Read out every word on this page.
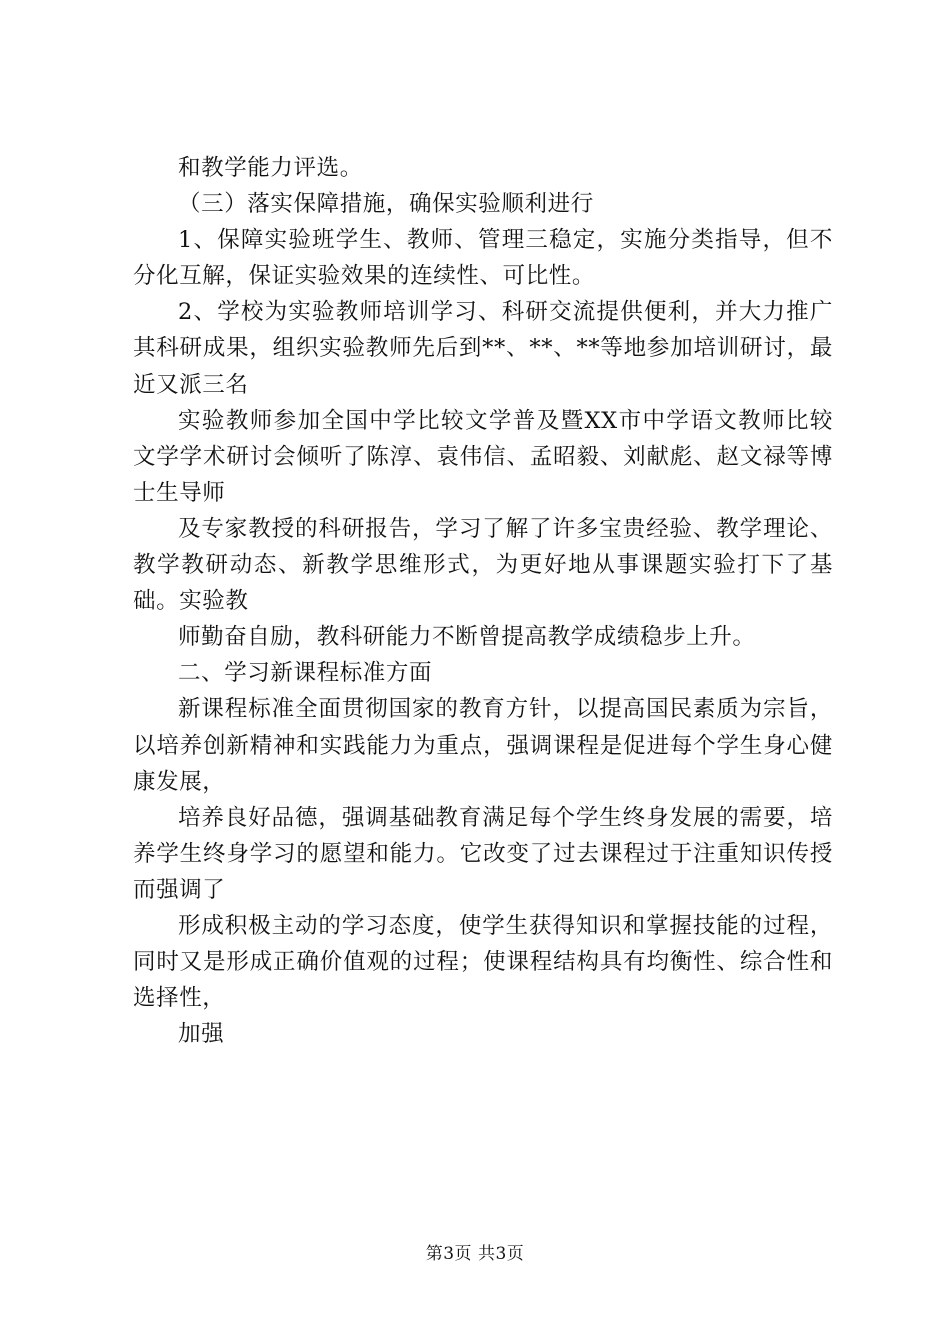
和教学能力评选。

（三）落实保障措施，确保实验顺利进行

1、保障实验班学生、教师、管理三稳定，实施分类指导，但不分化互解，保证实验效果的连续性、可比性。

2、学校为实验教师培训学习、科研交流提供便利，并大力推广其科研成果，组织实验教师先后到**、**、**等地参加培训研讨，最近又派三名

实验教师参加全国中学比较文学普及暨XX市中学语文教师比较文学学术研讨会倾听了陈淳、袁伟信、孟昭毅、刘献彪、赵文禄等博士生导师

及专家教授的科研报告，学习了解了许多宝贵经验、教学理论、教学教研动态、新教学思维形式，为更好地从事课题实验打下了基础。实验教

师勤奋自励，教科研能力不断曾提高教学成绩稳步上升。

二、学习新课程标准方面

新课程标准全面贯彻国家的教育方针，以提高国民素质为宗旨，以培养创新精神和实践能力为重点，强调课程是促进每个学生身心健康发展，

培养良好品德，强调基础教育满足每个学生终身发展的需要，培养学生终身学习的愿望和能力。它改变了过去课程过于注重知识传授而强调了

形成积极主动的学习态度，使学生获得知识和掌握技能的过程，同时又是形成正确价值观的过程；使课程结构具有均衡性、综合性和选择性，

加强

第3页 共3页
